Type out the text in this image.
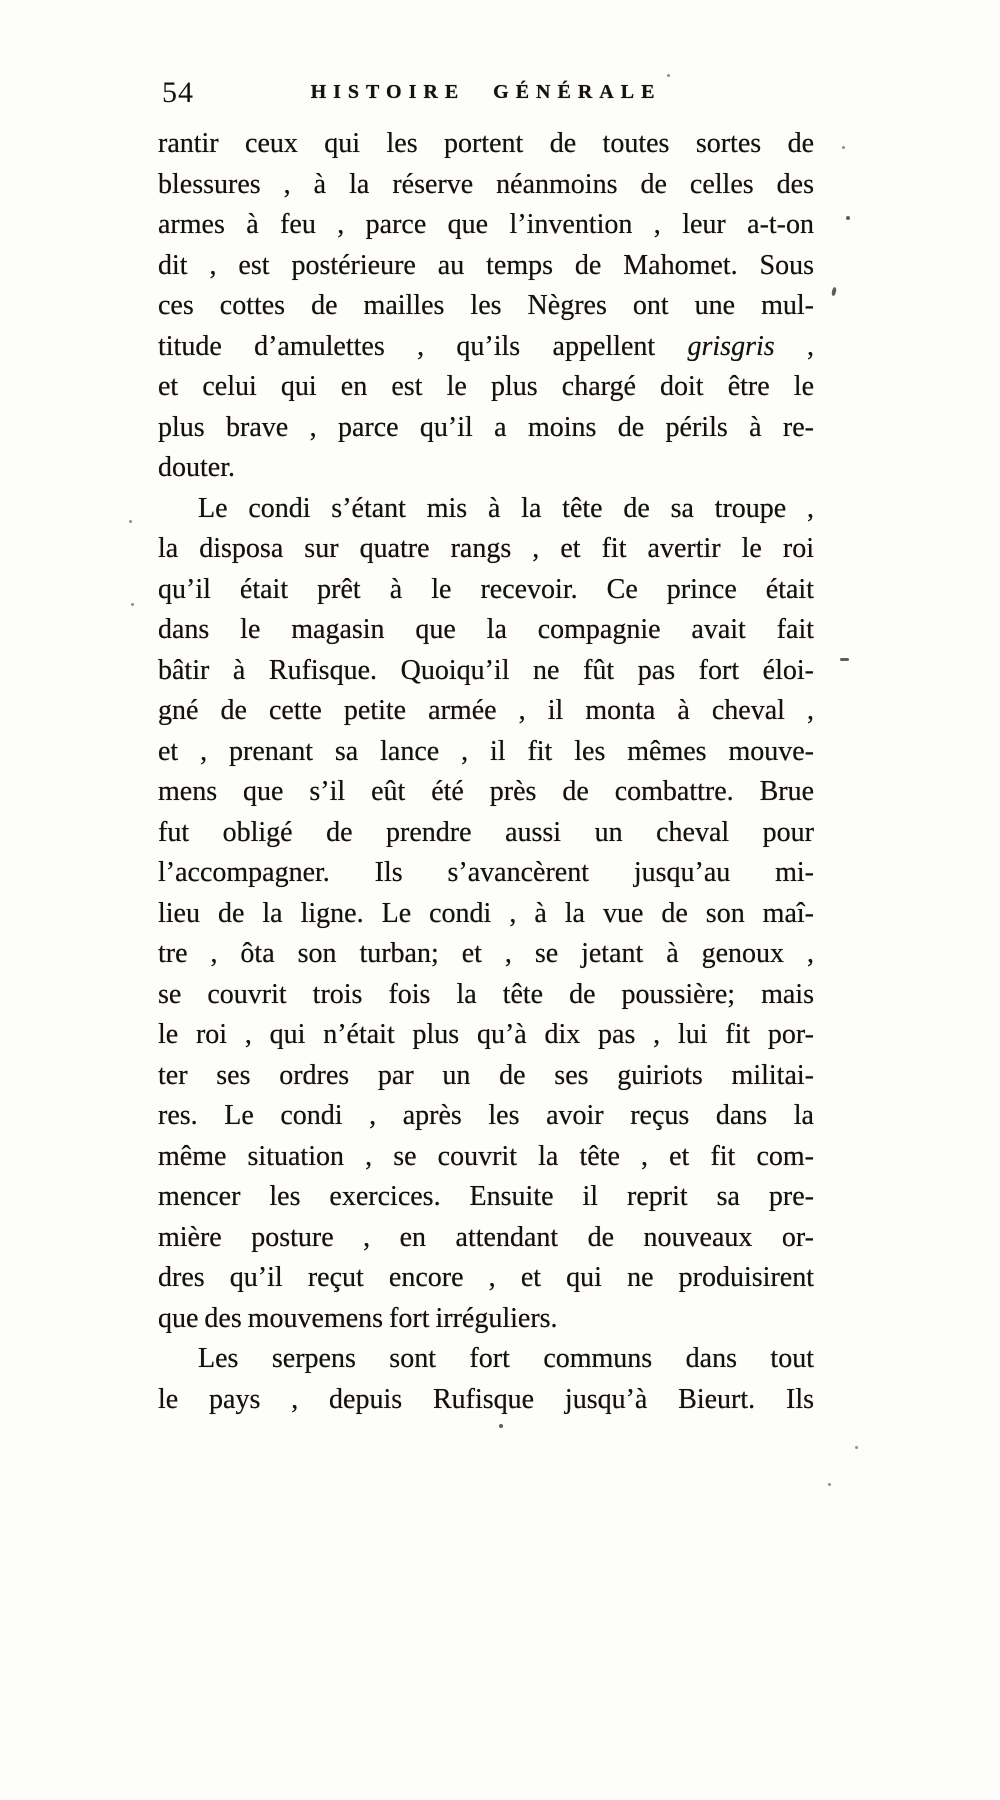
54	HISTOIRE GÉNÉRALE
rantir ceux qui les portent de toutes sortes de
blessures , à la réserve néanmoins de celles des
armes à feu , parce que l’invention , leur a-t-on
dit , est postérieure au temps de Mahomet. Sous
ces cottes de mailles les Nègres ont une mul-
titude d’amulettes , qu’ils appellent grisgris ,
et celui qui en est le plus chargé doit être le
plus brave , parce qu’il a moins de périls à re-
douter.
Le condi s’étant mis à la tête de sa troupe ,
la disposa sur quatre rangs , et fit avertir le roi
qu’il était prêt à le recevoir. Ce prince était
dans le magasin que la compagnie avait fait
bâtir à Rufisque. Quoiqu’il ne fût pas fort éloi-
gné de cette petite armée , il monta à cheval ,
et , prenant sa lance , il fit les mêmes mouve-
mens que s’il eût été près de combattre. Brue
fut obligé de prendre aussi un cheval pour
l’accompagner. Ils s’avancèrent jusqu’au mi-
lieu de la ligne. Le condi , à la vue de son maî-
tre , ôta son turban; et , se jetant à genoux ,
se couvrit trois fois la tête de poussière; mais
le roi , qui n’était plus qu’à dix pas , lui fit por-
ter ses ordres par un de ses guiriots militai-
res. Le condi , après les avoir reçus dans la
même situation , se couvrit la tête , et fit com-
mencer les exercices. Ensuite il reprit sa pre-
mière posture , en attendant de nouveaux or-
dres qu’il reçut encore , et qui ne produisirent
que des mouvemens fort irréguliers.
Les serpens sont fort communs dans tout
le pays , depuis Rufisque jusqu’à Bieurt. Ils
